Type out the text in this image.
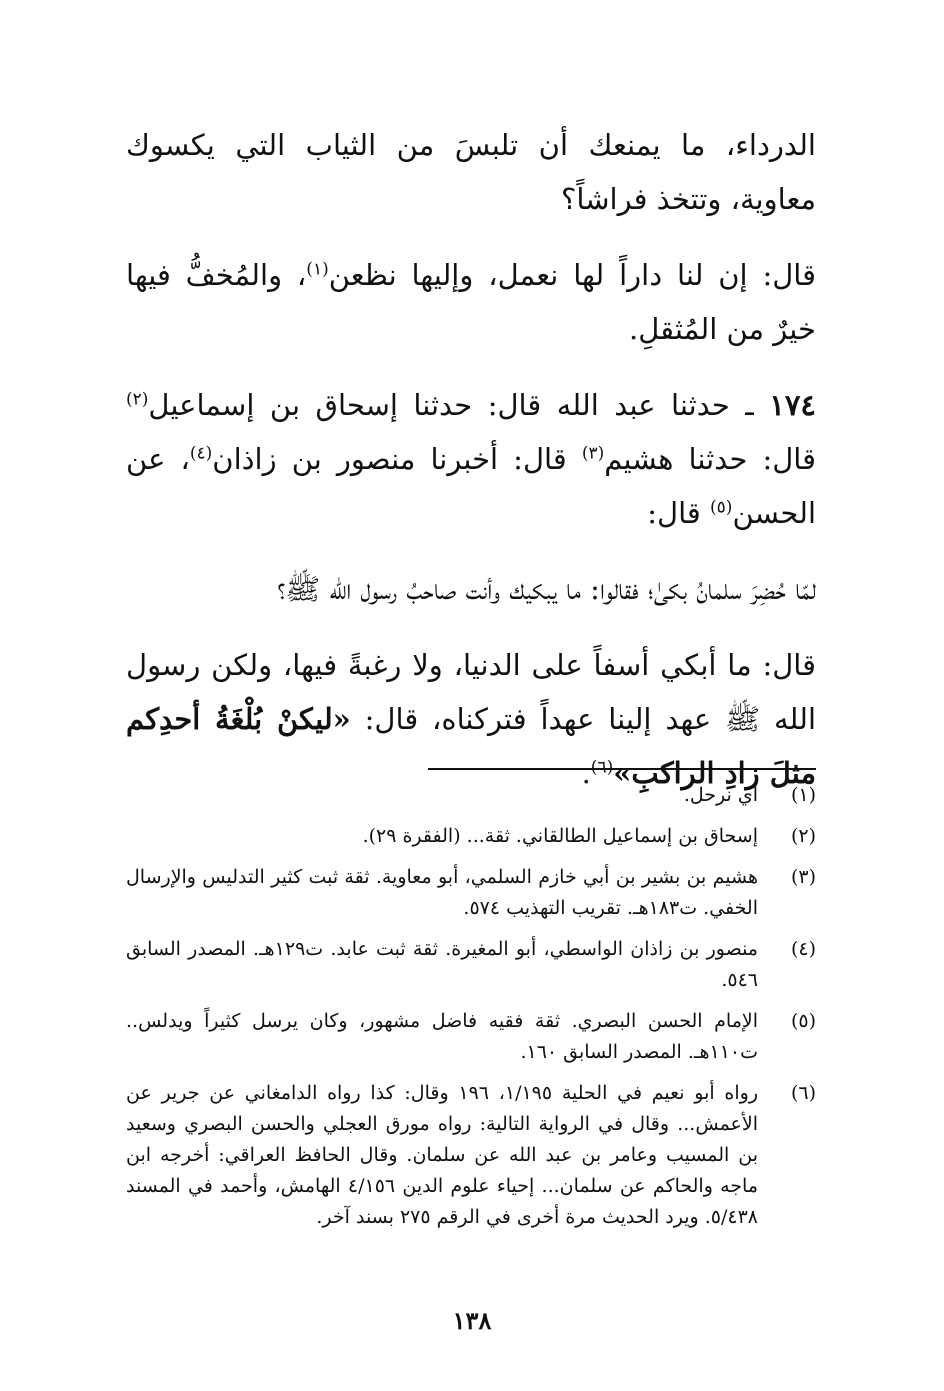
الدرداء، ما يمنعك أن تلبسَ من الثياب التي يكسوك معاوية، وتتخذ فراشاً؟

قال: إن لنا داراً لها نعمل، وإليها نظعن$^{(١)}$، والمُخفُّ فيها خيرٌ من المُثقلِ.

١٧٤ ـ حدثنا عبد الله قال: حدثنا إسحاق بن إسماعيل$^{(٢)}$ قال: حدثنا هشيم$^{(٣)}$ قال: أخبرنا منصور بن زاذان$^{(٤)}$، عن الحسن$^{(٥)}$ قال:

لمّا حُضِرَ سلمانُ بكىٰ؛ فقالوا: ما يبكيك وأنت صاحبُ رسول الله ﷺ؟

قال: ما أبكي أسفاً على الدنيا، ولا رغبةً فيها، ولكن رسول الله ﷺ عهد إلينا عهداً فتركناه، قال: «ليكنْ بُلْغَةُ أحدِكم مثلَ زادِ الراكبِ»$^{(٦)}$.

(١)
أي نرحل.
(٢)
إسحاق بن إسماعيل الطالقاني. ثقة... (الفقرة ٢٩).
(٣)
هشيم بن بشير بن أبي خازم السلمي، أبو معاوية. ثقة ثبت كثير التدليس والإرسال الخفي. ت١٨٣هـ. تقريب التهذيب ٥٧٤.
(٤)
منصور بن زاذان الواسطي، أبو المغيرة. ثقة ثبت عابد. ت١٢٩هـ. المصدر السابق ٥٤٦.
(٥)
الإمام الحسن البصري. ثقة فقيه فاضل مشهور، وكان يرسل كثيراً ويدلس.. ت١١٠هـ. المصدر السابق ١٦٠.
(٦)
رواه أبو نعيم في الحلية ١/١٩٥، ١٩٦ وقال: كذا رواه الدامغاني عن جرير عن الأعمش... وقال في الرواية التالية: رواه مورق العجلي والحسن البصري وسعيد بن المسيب وعامر بن عبد الله عن سلمان. وقال الحافظ العراقي: أخرجه ابن ماجه والحاكم عن سلمان... إحياء علوم الدين ٤/١٥٦ الهامش، وأحمد في المسند ٥/٤٣٨. ويرد الحديث مرة أخرى في الرقم ٢٧٥ بسند آخر.
١٣٨
